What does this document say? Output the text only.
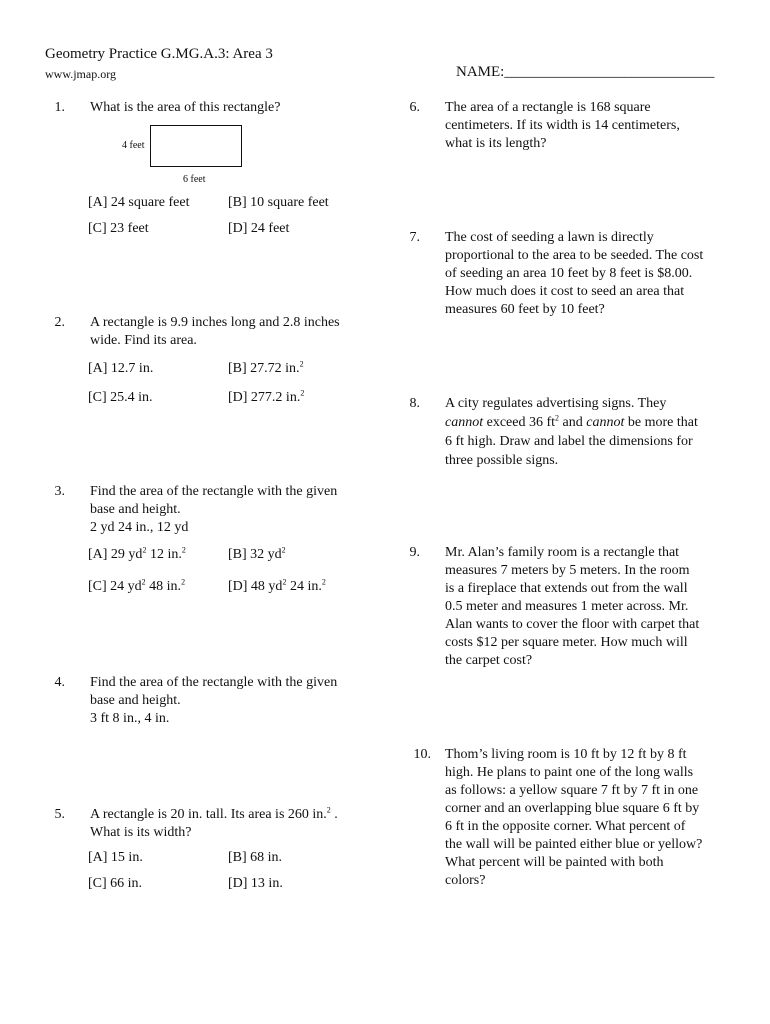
Geometry Practice G.MG.A.3: Area 3
www.jmap.org	NAME:____________________________
1. What is the area of this rectangle?
4 feet
6 feet
[A] 24 square feet	[B] 10 square feet
[C] 23 feet	[D] 24 feet
2. A rectangle is 9.9 inches long and 2.8 inches
wide. Find its area.
[A] 12.7 in.	[B] 27.72 in.$^2$
[C] 25.4 in.	[D] 277.2 in.$^2$
3. Find the area of the rectangle with the given
base and height.
2 yd 24 in., 12 yd
[A] 29 $yd^2$ 12 in.$^2$	[B] 32 $yd^2$
[C] 24 $yd^2$ 48 in.$^2$	[D] 48 $yd^2$ 24 in.$^2$
4. Find the area of the rectangle with the given
base and height.
3 ft 8 in., 4 in.
5. A rectangle is 20 in. tall. Its area is 260 in.$^2$ .
What is its width?
[A] 15 in.	[B] 68 in.
[C] 66 in.	[D] 13 in.
6. The area of a rectangle is 168 square
centimeters. If its width is 14 centimeters,
what is its length?
7. The cost of seeding a lawn is directly
proportional to the area to be seeded. The cost
of seeding an area 10 feet by 8 feet is $8.00.
How much does it cost to seed an area that
measures 60 feet by 10 feet?
8. A city regulates advertising signs. They
cannot exceed 36 $ft^2$ and cannot be more that
6 ft high. Draw and label the dimensions for
three possible signs.
9. Mr. Alan’s family room is a rectangle that
measures 7 meters by 5 meters. In the room
is a fireplace that extends out from the wall
0.5 meter and measures 1 meter across. Mr.
Alan wants to cover the floor with carpet that
costs $12 per square meter. How much will
the carpet cost?
10. Thom’s living room is 10 ft by 12 ft by 8 ft
high. He plans to paint one of the long walls
as follows: a yellow square 7 ft by 7 ft in one
corner and an overlapping blue square 6 ft by
6 ft in the opposite corner. What percent of
the wall will be painted either blue or yellow?
What percent will be painted with both
colors?
